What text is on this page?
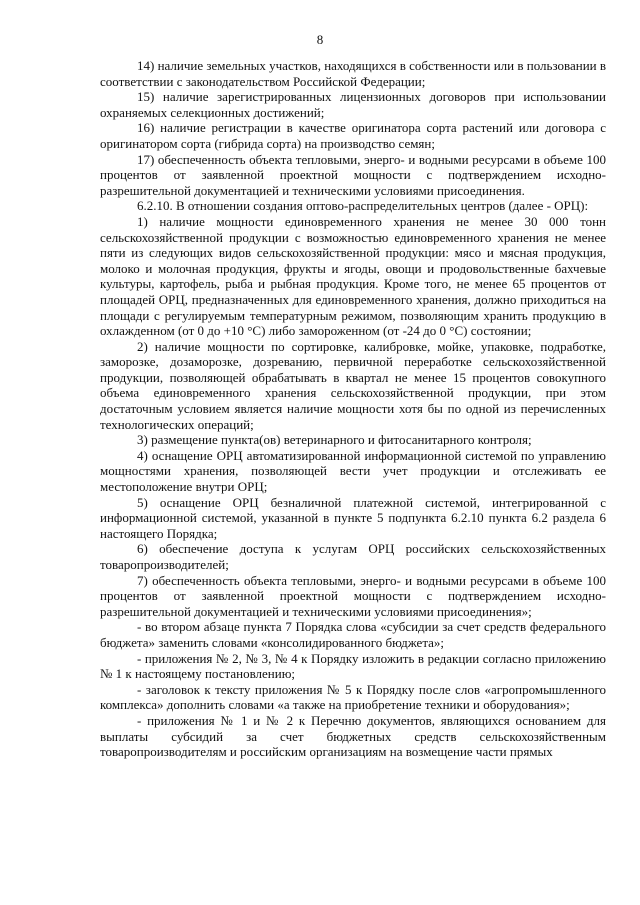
8

14) наличие земельных участков, находящихся в собственности или в пользовании в соответствии с законодательством Российской Федерации;

15) наличие зарегистрированных лицензионных договоров при использовании охраняемых селекционных достижений;

16) наличие регистрации в качестве оригинатора сорта растений или договора с оригинатором сорта (гибрида сорта) на производство семян;

17) обеспеченность объекта тепловыми, энерго- и водными ресурсами в объеме 100 процентов от заявленной проектной мощности с подтверждением исходно-разрешительной документацией и техническими условиями присоединения.

6.2.10. В отношении создания оптово-распределительных центров (далее - ОРЦ):

1) наличие мощности единовременного хранения не менее 30 000 тонн сельскохозяйственной продукции с возможностью единовременного хранения не менее пяти из следующих видов сельскохозяйственной продукции: мясо и мясная продукция, молоко и молочная продукция, фрукты и ягоды, овощи и продовольственные бахчевые культуры, картофель, рыба и рыбная продукция. Кроме того, не менее 65 процентов от площадей ОРЦ, предназначенных для единовременного хранения, должно приходиться на площади с регулируемым температурным режимом, позволяющим хранить продукцию в охлажденном (от 0 до +10 °C) либо замороженном (от -24 до 0 °C) состоянии;

2) наличие мощности по сортировке, калибровке, мойке, упаковке, подработке, заморозке, дозаморозке, дозреванию, первичной переработке сельскохозяйственной продукции, позволяющей обрабатывать в квартал не менее 15 процентов совокупного объема единовременного хранения сельскохозяйственной продукции, при этом достаточным условием является наличие мощности хотя бы по одной из перечисленных технологических операций;

3) размещение пункта(ов) ветеринарного и фитосанитарного контроля;

4) оснащение ОРЦ автоматизированной информационной системой по управлению мощностями хранения, позволяющей вести учет продукции и отслеживать ее местоположение внутри ОРЦ;

5) оснащение ОРЦ безналичной платежной системой, интегрированной с информационной системой, указанной в пункте 5 подпункта 6.2.10 пункта 6.2 раздела 6 настоящего Порядка;

6) обеспечение доступа к услугам ОРЦ российских сельскохозяйственных товаропроизводителей;

7) обеспеченность объекта тепловыми, энерго- и водными ресурсами в объеме 100 процентов от заявленной проектной мощности с подтверждением исходно-разрешительной документацией и техническими условиями присоединения»;

- во втором абзаце пункта 7 Порядка слова «субсидии за счет средств федерального бюджета» заменить словами «консолидированного бюджета»;

- приложения № 2, № 3, № 4 к Порядку изложить в редакции согласно приложению № 1 к настоящему постановлению;

- заголовок к тексту приложения № 5 к Порядку после слов «агропромышленного комплекса» дополнить словами «а также на приобретение техники и оборудования»;

- приложения № 1 и № 2 к Перечню документов, являющихся основанием для выплаты субсидий за счет бюджетных средств сельскохозяйственным товаропроизводителям и российским организациям на возмещение части прямых
